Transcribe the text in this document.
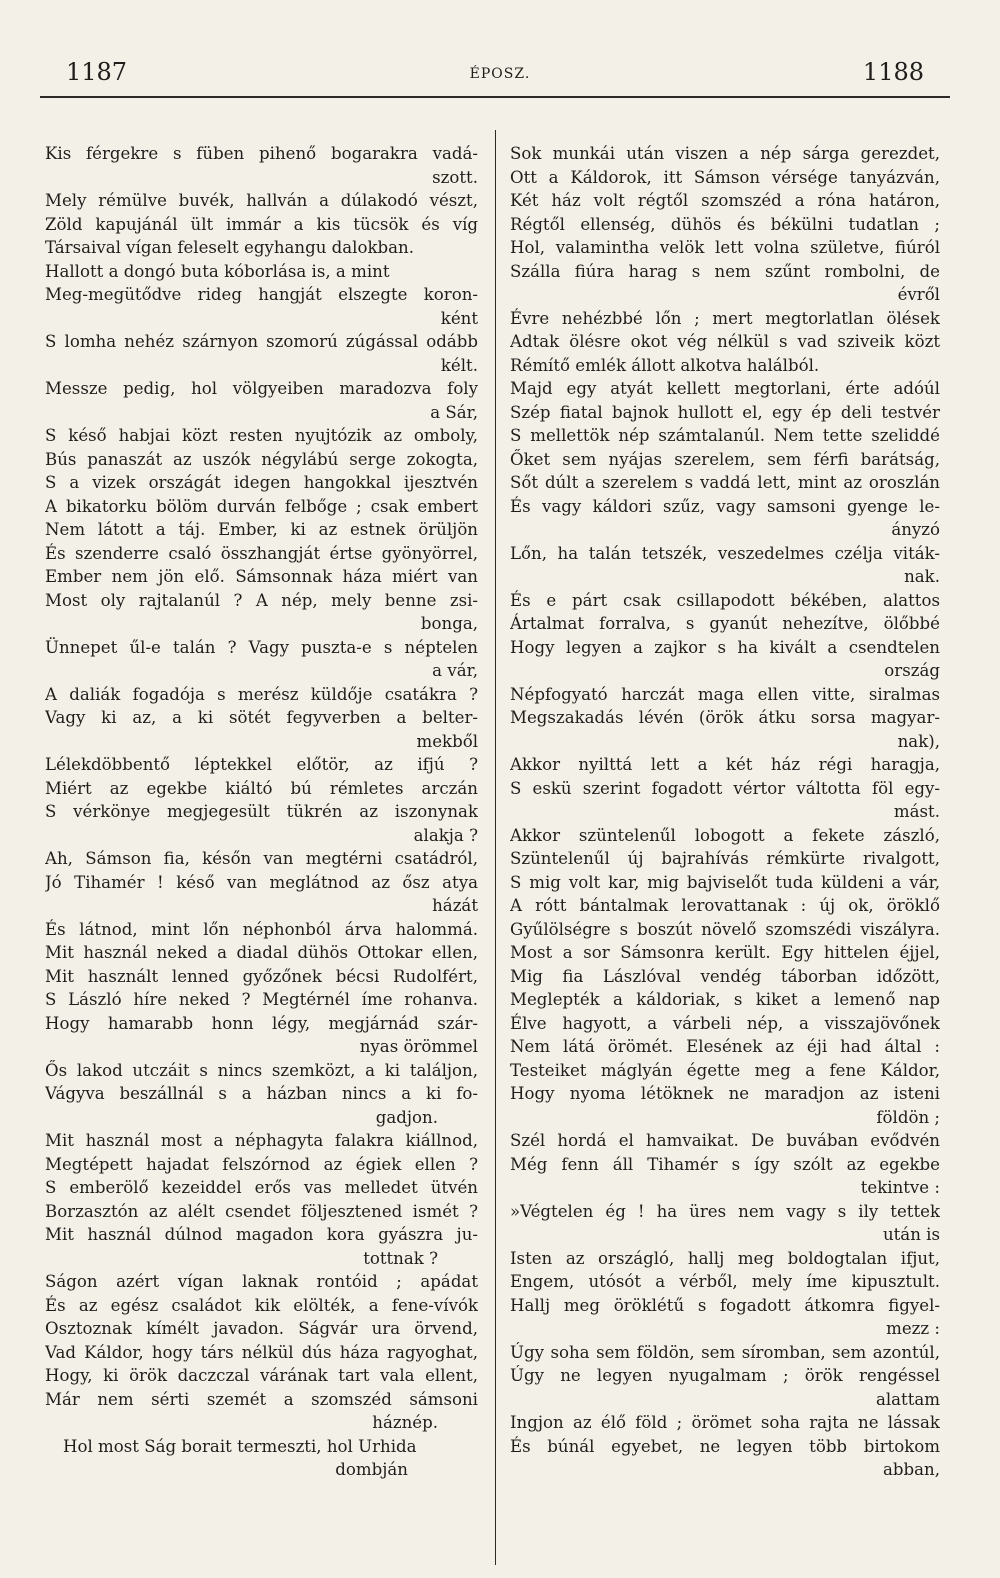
1187	ÉPOSZ.	1188
Kis férgekre s füben pihenő bogarakra vadá-
szott.
Mely rémülve buvék, hallván a dúlakodó vészt,
Zöld kapujánál ült immár a kis tücsök és víg
Társaival vígan feleselt egyhangu dalokban.
Hallott a dongó buta kóborlása is, a mint
Meg-megütődve rideg hangját elszegte koron-
ként
S lomha nehéz szárnyon szomorú zúgással odább
kélt.
Messze pedig, hol völgyeiben maradozva foly
a Sár,
S késő habjai közt resten nyujtózik az omboly,
Bús panaszát az uszók négylábú serge zokogta,
S a vizek országát idegen hangokkal ijesztvén
A bikatorku bölöm durván felbőge ; csak embert
Nem látott a táj. Ember, ki az estnek örüljön
És szenderre csaló összhangját értse gyönyörrel,
Ember nem jön elő. Sámsonnak háza miért van
Most oly rajtalanúl ? A nép, mely benne zsi-
bonga,
Ünnepet űl-e talán ? Vagy puszta-e s néptelen
a vár,
A daliák fogadója s merész küldője csatákra ?
Vagy ki az, a ki sötét fegyverben a belter-
mekből
Lélekdöbbentő léptekkel előtör, az ifjú ?
Miért az egekbe kiáltó bú rémletes arczán
S vérkönye megjegesült tükrén az iszonynak
alakja ?
Ah, Sámson fia, későn van megtérni csatádról,
Jó Tihamér ! késő van meglátnod az ősz atya
házát
És látnod, mint lőn néphonból árva halommá.
Mit használ neked a diadal dühös Ottokar ellen,
Mit használt lenned győzőnek bécsi Rudolfért,
S László híre neked ? Megtérnél íme rohanva.
Hogy hamarabb honn légy, megjárnád szár-
nyas örömmel
Ős lakod utczáit s nincs szemközt, a ki találjon,
Vágyva beszállnál s a házban nincs a ki fo-
gadjon.
Mit használ most a néphagyta falakra kiállnod,
Megtépett hajadat felszórnod az égiek ellen ?
S emberölő kezeiddel erős vas melledet ütvén
Borzasztón az alélt csendet följesztened ismét ?
Mit használ dúlnod magadon kora gyászra ju-
tottnak ?
Ságon azért vígan laknak rontóid ; apádat
És az egész családot kik elölték, a fene-vívók
Osztoznak kímélt javadon. Ságvár ura örvend,
Vad Káldor, hogy társ nélkül dús háza ragyoghat,
Hogy, ki örök daczczal várának tart vala ellent,
Már nem sérti szemét a szomszéd sámsoni
háznép.
Hol most Ság borait termeszti, hol Urhida
dombján
Sok munkái után viszen a nép sárga gerezdet,
Ott a Káldorok, itt Sámson vérsége tanyázván,
Két ház volt régtől szomszéd a róna határon,
Régtől ellenség, dühös és békülni tudatlan ;
Hol, valamintha velök lett volna születve, fiúról
Szálla fiúra harag s nem szűnt rombolni, de
évről
Évre nehézbbé lőn ; mert megtorlatlan ölések
Adtak ölésre okot vég nélkül s vad sziveik közt
Rémítő emlék állott alkotva halálból.
Majd egy atyát kellett megtorlani, érte adóúl
Szép fiatal bajnok hullott el, egy ép deli testvér
S mellettök nép számtalanúl. Nem tette szeliddé
Őket sem nyájas szerelem, sem férfi barátság,
Sőt dúlt a szerelem s vaddá lett, mint az oroszlán
És vagy káldori szűz, vagy samsoni gyenge le-
ányzó
Lőn, ha talán tetszék, veszedelmes czélja viták-
nak.
És e párt csak csillapodott békében, alattos
Ártalmat forralva, s gyanút nehezítve, ölőbbé
Hogy legyen a zajkor s ha kivált a csendtelen
ország
Népfogyató harczát maga ellen vitte, siralmas
Megszakadás lévén (örök átku sorsa magyar-
nak),
Akkor nyilttá lett a két ház régi haragja,
S eskü szerint fogadott vértor váltotta föl egy-
mást.
Akkor szüntelenűl lobogott a fekete zászló,
Szüntelenűl új bajrahívás rémkürte rivalgott,
S mig volt kar, mig bajviselőt tuda küldeni a vár,
A rótt bántalmak lerovattanak : új ok, öröklő
Gyűlölségre s boszút növelő szomszédi viszályra.
Most a sor Sámsonra került. Egy hittelen éjjel,
Mig fia Lászlóval vendég táborban időzött,
Meglepték a káldoriak, s kiket a lemenő nap
Élve hagyott, a várbeli nép, a visszajövőnek
Nem látá örömét. Elesének az éji had által :
Testeiket máglyán égette meg a fene Káldor,
Hogy nyoma létöknek ne maradjon az isteni
földön ;
Szél hordá el hamvaikat. De buvában evődvén
Még fenn áll Tihamér s így szólt az egekbe
tekintve :
»Végtelen ég ! ha üres nem vagy s ily tettek
után is
Isten az országló, hallj meg boldogtalan ifjut,
Engem, utósót a vérből, mely íme kipusztult.
Hallj meg öröklétű s fogadott átkomra figyel-
mezz :
Úgy soha sem földön, sem síromban, sem azontúl,
Úgy ne legyen nyugalmam ; örök rengéssel
alattam
Ingjon az élő föld ; örömet soha rajta ne lássak
És búnál egyebet, ne legyen több birtokom
abban,
